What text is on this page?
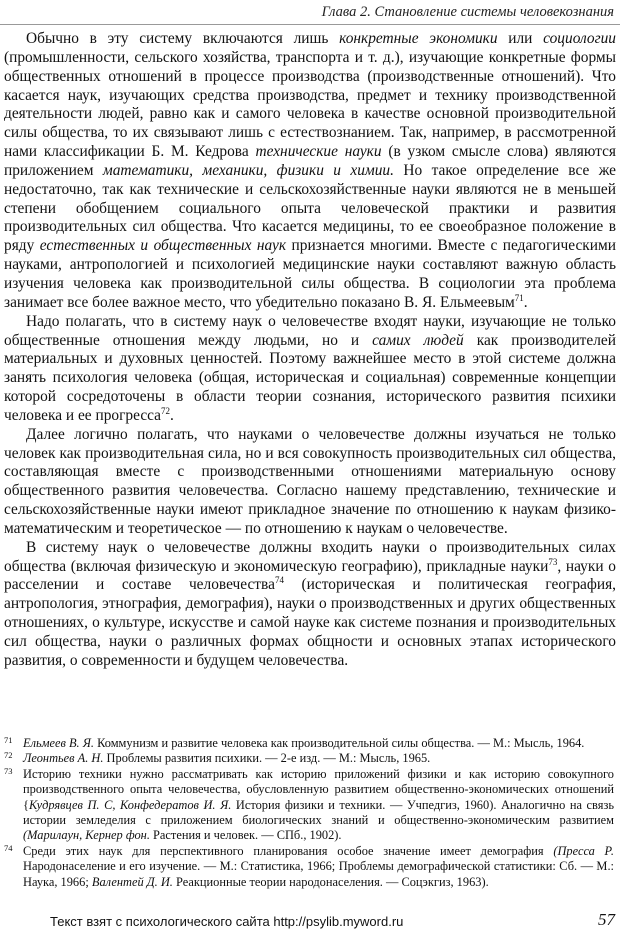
Глава 2. Становление системы человекознания

Обычно в эту систему включаются лишь конкретные экономики или социологии (промышленности, сельского хозяйства, транспорта и т. д.), изучающие конкретные формы общественных отношений в процессе производства (производственные отношений). Что касается наук, изучающих средства производства, предмет и технику производственной деятельности людей, равно как и самого человека в качестве основной производительной силы общества, то их связывают лишь с естествознанием. Так, например, в рассмотренной нами классификации Б. М. Кедрова технические науки (в узком смысле слова) являются приложением математики, механики, физики и химии. Но такое определение все же недостаточно, так как технические и сельскохозяйственные науки являются не в меньшей степени обобщением социального опыта человеческой практики и развития производительных сил общества. Что касается медицины, то ее своеобразное положение в ряду естественных и общественных наук признается многими. Вместе с педагогическими науками, антропологией и психологией медицинские науки составляют важную область изучения человека как производительной силы общества. В социологии эта проблема занимает все более важное место, что убедительно показано В. Я. Ельмеевым$^{71}$.

Надо полагать, что в систему наук о человечестве входят науки, изучающие не только общественные отношения между людьми, но и самих людей как производителей материальных и духовных ценностей. Поэтому важнейшее место в этой системе должна занять психология человека (общая, историческая и социальная) современные концепции которой сосредоточены в области теории сознания, исторического развития психики человека и ее прогресса$^{72}$.

Далее логично полагать, что науками о человечестве должны изучаться не только человек как производительная сила, но и вся совокупность производительных сил общества, составляющая вместе с производственными отношениями материальную основу общественного развития человечества. Согласно нашему представлению, технические и сельскохозяйственные науки имеют прикладное значение по отношению к наукам физико-математическим и теоретическое — по отношению к наукам о человечестве.

В систему наук о человечестве должны входить науки о производительных силах общества (включая физическую и экономическую географию), прикладные науки$^{73}$, науки о расселении и составе человечества$^{74}$ (историческая и политическая география, антропология, этнография, демография), науки о производственных и других общественных отношениях, о культуре, искусстве и самой науке как системе познания и производительных сил общества, науки о различных формах общности и основных этапах исторического развития, о современности и будущем человечества.

71 Ельмеев В. Я. Коммунизм и развитие человека как производительной силы общества. — М.: Мысль, 1964.
72 Леонтьев А. Н. Проблемы развития психики. — 2-е изд. — М.: Мысль, 1965.
73 Историю техники нужно рассматривать как историю приложений физики и как историю совокупного производственного опыта человечества, обусловленную развитием общественно-экономических отношений {Кудрявцев П. С, Конфедератов И. Я. История физики и техники. — Учпедгиз, 1960). Аналогично на связь истории земледелия с приложением биологических знаний и общественно-экономическим развитием (Марилаун, Кернер фон. Растения и человек. — СПб., 1902).
74 Среди этих наук для перспективного планирования особое значение имеет демография (Пресса Р. Народонаселение и его изучение. — М.: Статистика, 1966; Проблемы демографической статистики: Сб. — М.: Наука, 1966; Валентей Д. И. Реакционные теории народонаселения. — Соцэкгиз, 1963).
Текст взят с психологического сайта http://psylib.myword.ru	57
